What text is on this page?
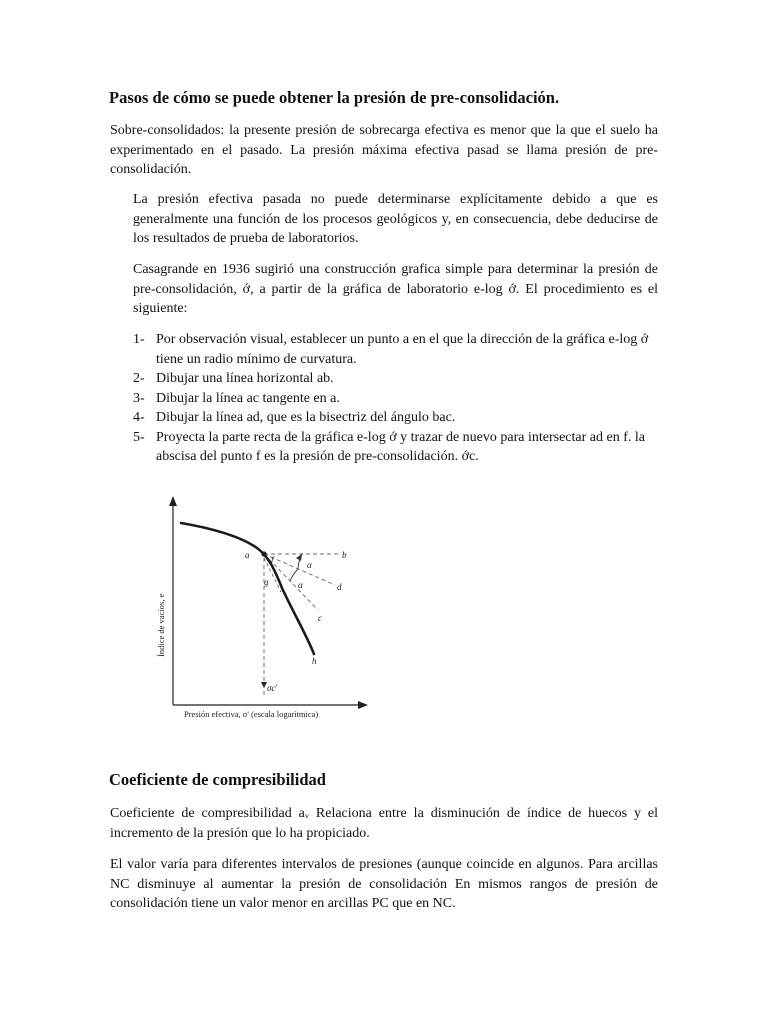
Pasos de cómo se puede obtener la presión de pre-consolidación.

Sobre-consolidados: la presente presión de sobrecarga efectiva es menor que la que el suelo ha experimentado en el pasado. La presión máxima efectiva pasad se llama presión de pre-consolidación.

La presión efectiva pasada no puede determinarse explícitamente debido a que es generalmente una función de los procesos geológicos y, en consecuencia, debe deducirse de los resultados de prueba de laboratorios.

Casagrande en 1936 sugirió una construcción grafica simple para determinar la presión de pre-consolidación, ớ, a partir de la gráfica de laboratorio e-log ớ. El procedimiento es el siguiente:

1- Por observación visual, establecer un punto a en el que la dirección de la gráfica e-log ớ tiene un radio mínimo de curvatura.
2- Dibujar una línea horizontal ab.
3- Dibujar la línea ac tangente en a.
4- Dibujar la línea ad, que es la bisectriz del ángulo bac.
5- Proyecta la parte recta de la gráfica e-log ớ y trazar de nuevo para intersectar ad en f. la abscisa del punto f es la presión de pre-consolidación. ớc.
a	b
c
d
f
g
h
α
α
σc'
Presión efectiva, σ' (escala logarítmica)
Índice de vacíos, e
Coeficiente de compresibilidad

Coeficiente de compresibilidad aᵥ Relaciona entre la disminución de índice de huecos y el incremento de la presión que lo ha propiciado.

El valor varía para diferentes intervalos de presiones (aunque coincide en algunos. Para arcillas NC disminuye al aumentar la presión de consolidación En mismos rangos de presión de consolidación tiene un valor menor en arcillas PC que en NC.
